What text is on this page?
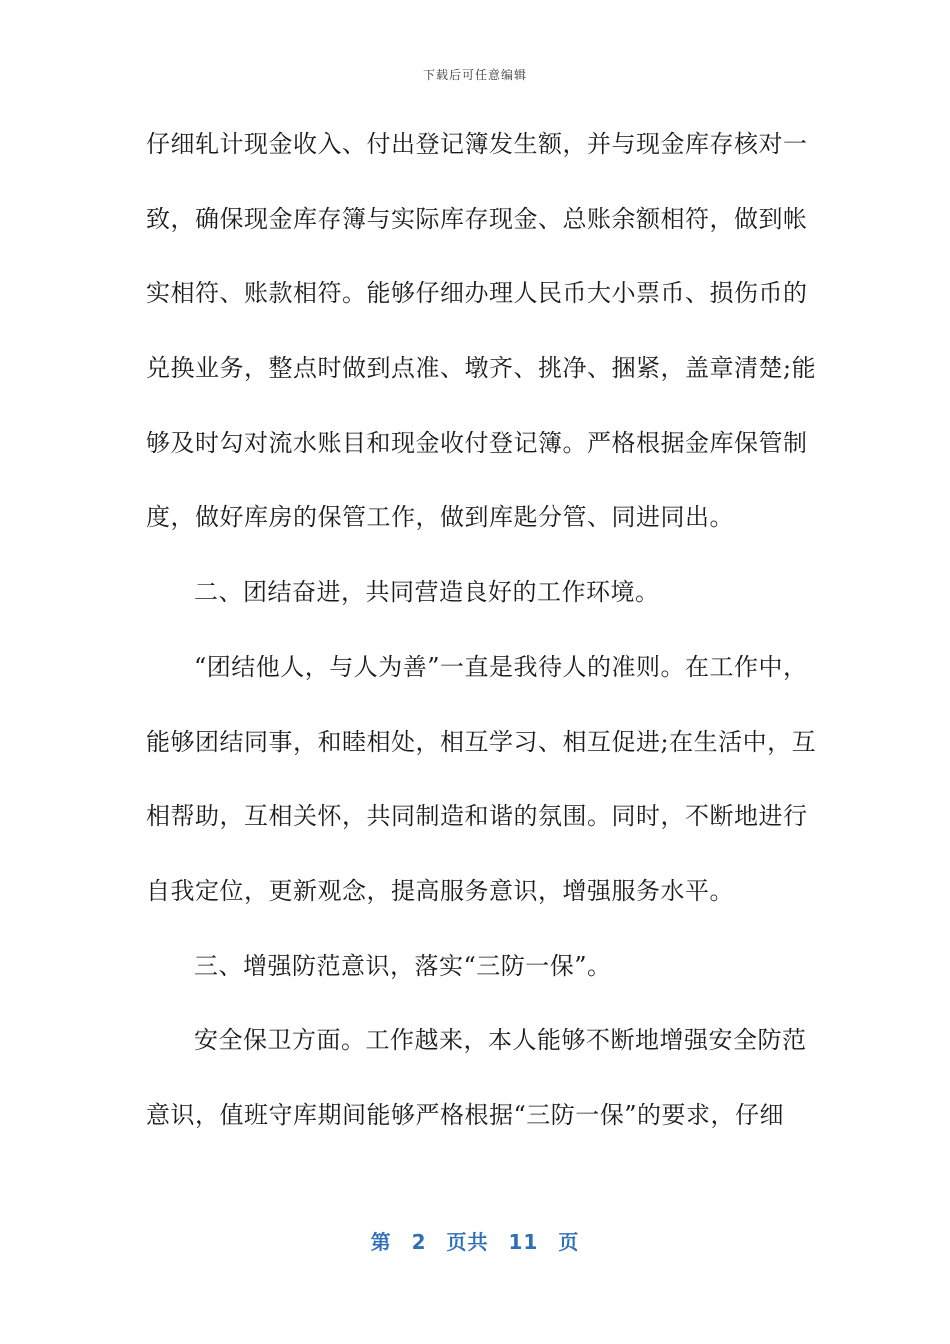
下载后可任意编辑
仔细轧计现金收入、付出登记簿发生额，并与现金库存核对一
致，确保现金库存簿与实际库存现金、总账余额相符，做到帐
实相符、账款相符。能够仔细办理人民币大小票币、损伤币的
兑换业务，整点时做到点准、墩齐、挑净、捆紧，盖章清楚;能
够及时勾对流水账目和现金收付登记簿。严格根据金库保管制
度，做好库房的保管工作，做到库匙分管、同进同出。
二、团结奋进，共同营造良好的工作环境。
“团结他人，与人为善”一直是我待人的准则。在工作中，
能够团结同事，和睦相处，相互学习、相互促进;在生活中，互
相帮助，互相关怀，共同制造和谐的氛围。同时，不断地进行
自我定位，更新观念，提高服务意识，增强服务水平。
三、增强防范意识，落实“三防一保”。
安全保卫方面。工作越来，本人能够不断地增强安全防范
意识，值班守库期间能够严格根据“三防一保”的要求，仔细
第 2 页共 11 页
